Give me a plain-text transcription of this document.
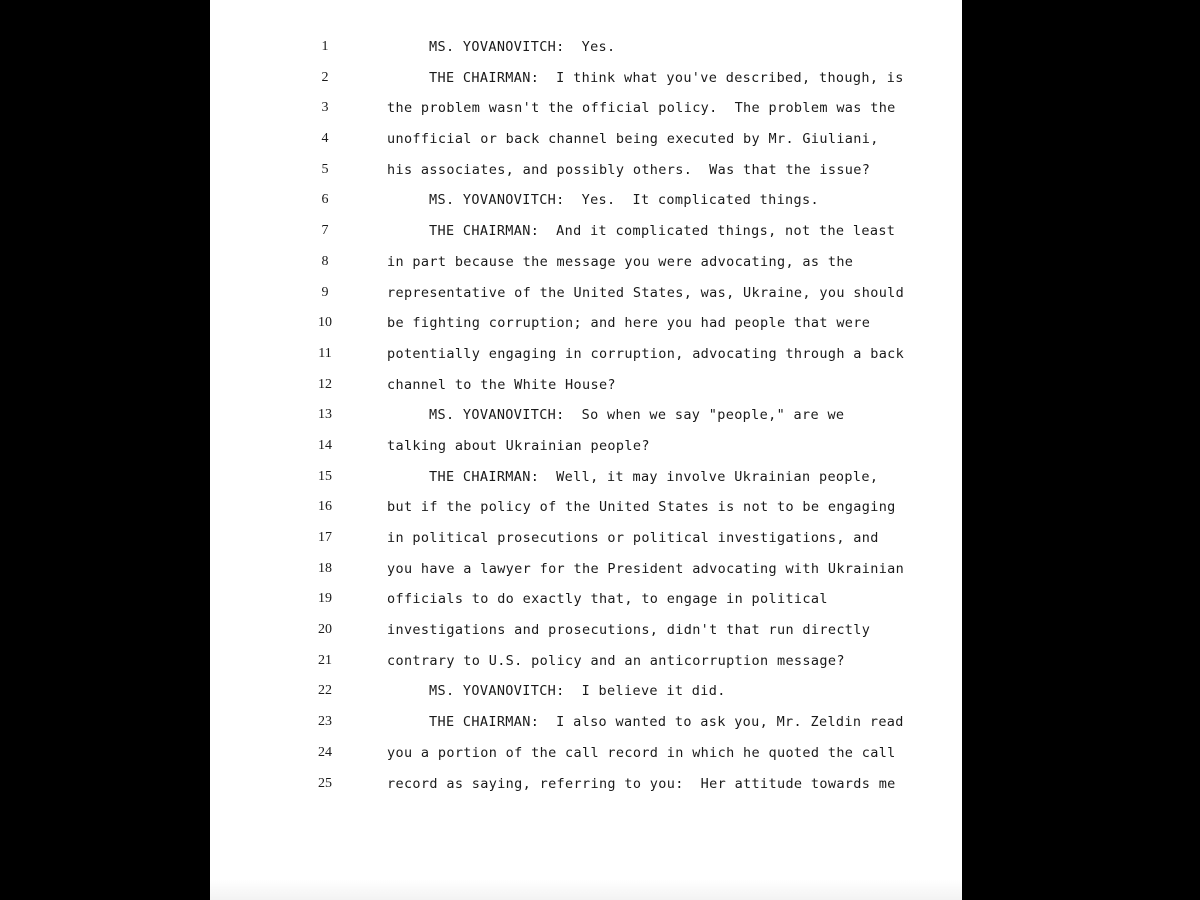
1	MS. YOVANOVITCH:  Yes.
2	THE CHAIRMAN:  I think what you've described, though, is
3	the problem wasn't the official policy.  The problem was the
4	unofficial or back channel being executed by Mr. Giuliani,
5	his associates, and possibly others.  Was that the issue?
6	MS. YOVANOVITCH:  Yes.  It complicated things.
7	THE CHAIRMAN:  And it complicated things, not the least
8	in part because the message you were advocating, as the
9	representative of the United States, was, Ukraine, you should
10	be fighting corruption; and here you had people that were
11	potentially engaging in corruption, advocating through a back
12	channel to the White House?
13	MS. YOVANOVITCH:  So when we say "people," are we
14	talking about Ukrainian people?
15	THE CHAIRMAN:  Well, it may involve Ukrainian people,
16	but if the policy of the United States is not to be engaging
17	in political prosecutions or political investigations, and
18	you have a lawyer for the President advocating with Ukrainian
19	officials to do exactly that, to engage in political
20	investigations and prosecutions, didn't that run directly
21	contrary to U.S. policy and an anticorruption message?
22	MS. YOVANOVITCH:  I believe it did.
23	THE CHAIRMAN:  I also wanted to ask you, Mr. Zeldin read
24	you a portion of the call record in which he quoted the call
25	record as saying, referring to you:  Her attitude towards me
